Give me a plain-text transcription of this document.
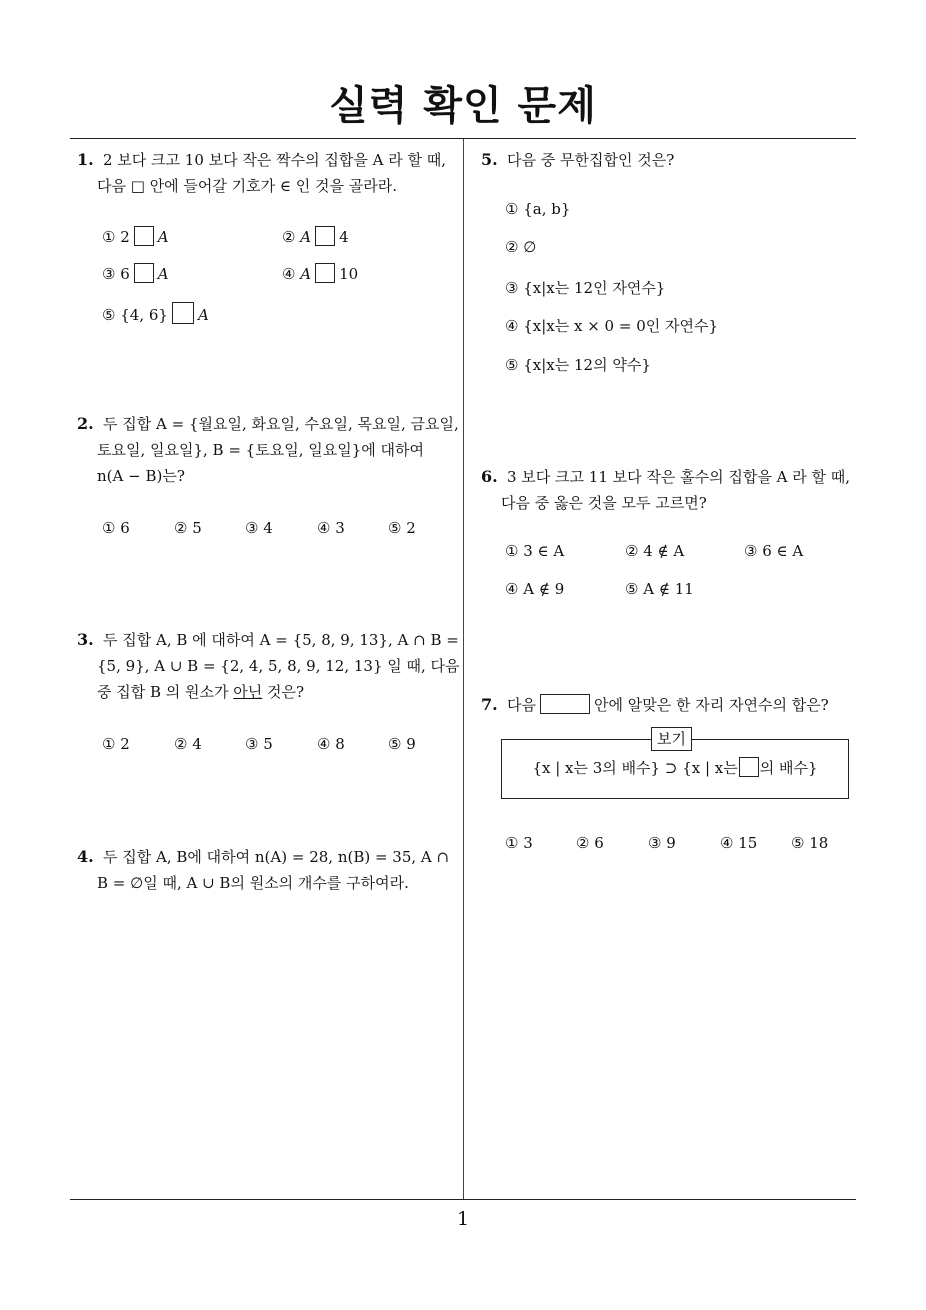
실력 확인 문제
1
1. 2 보다 크고 10 보다 작은 짝수의 집합을 A 라 할 때,
다음 □ 안에 들어갈 기호가 ∈ 인 것을 골라라.
① 2 A	② A 4
③ 6 A	④ A 10
⑤ {4, 6} A
2. 두 집합 A = {월요일, 화요일, 수요일, 목요일, 금요일,
토요일, 일요일}, B = {토요일, 일요일}에 대하여
n(A − B)는?
① 6	② 5	③ 4	④ 3	⑤ 2
3. 두 집합 A, B 에 대하여 A = {5, 8, 9, 13}, A ∩ B =
{5, 9}, A ∪ B = {2, 4, 5, 8, 9, 12, 13} 일 때, 다음
중 집합 B 의 원소가 아닌 것은?
① 2	② 4	③ 5	④ 8	⑤ 9
4. 두 집합 A, B에 대하여 n(A) = 28, n(B) = 35, A ∩
B = ∅일 때, A ∪ B의 원소의 개수를 구하여라.
5. 다음 중 무한집합인 것은?
① {a, b}
② ∅
③ {x|x는 12인 자연수}
④ {x|x는 x × 0 = 0인 자연수}
⑤ {x|x는 12의 약수}
6. 3 보다 크고 11 보다 작은 홀수의 집합을 A 라 할 때,
다음 중 옳은 것을 모두 고르면?
① 3 ∈ A	② 4 ∉ A	③ 6 ∈ A
④ A ∉ 9	⑤ A ∉ 11
7. 다음	안에 알맞은 한 자리 자연수의 합은?
{x | x는 3의 배수} ⊃ {x | x는 의 배수}
보기
① 3	② 6	③ 9	④ 15 ⑤ 18
